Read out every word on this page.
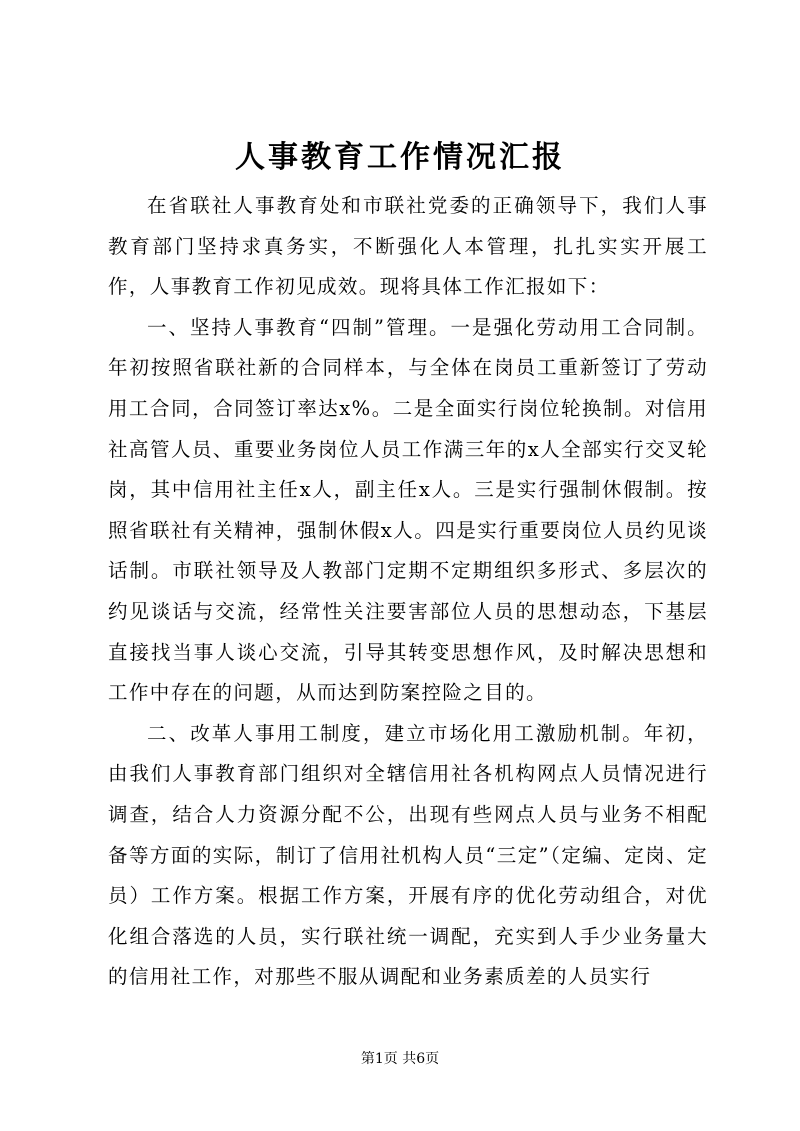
人事教育工作情况汇报

在省联社人事教育处和市联社党委的正确领导下，我们人事教育部门坚持求真务实，不断强化人本管理，扎扎实实开展工作，人事教育工作初见成效。现将具体工作汇报如下：

一、坚持人事教育“四制”管理。一是强化劳动用工合同制。年初按照省联社新的合同样本，与全体在岗员工重新签订了劳动用工合同，合同签订率达x%。二是全面实行岗位轮换制。对信用社高管人员、重要业务岗位人员工作满三年的x人全部实行交叉轮岗，其中信用社主任x人，副主任x人。三是实行强制休假制。按照省联社有关精神，强制休假x人。四是实行重要岗位人员约见谈话制。市联社领导及人教部门定期不定期组织多形式、多层次的约见谈话与交流，经常性关注要害部位人员的思想动态，下基层直接找当事人谈心交流，引导其转变思想作风，及时解决思想和工作中存在的问题，从而达到防案控险之目的。

二、改革人事用工制度，建立市场化用工激励机制。年初，由我们人事教育部门组织对全辖信用社各机构网点人员情况进行调查，结合人力资源分配不公，出现有些网点人员与业务不相配备等方面的实际，制订了信用社机构人员“三定”（定编、定岗、定员）工作方案。根据工作方案，开展有序的优化劳动组合，对优化组合落选的人员，实行联社统一调配，充实到人手少业务量大的信用社工作，对那些不服从调配和业务素质差的人员实行

第1页 共6页
